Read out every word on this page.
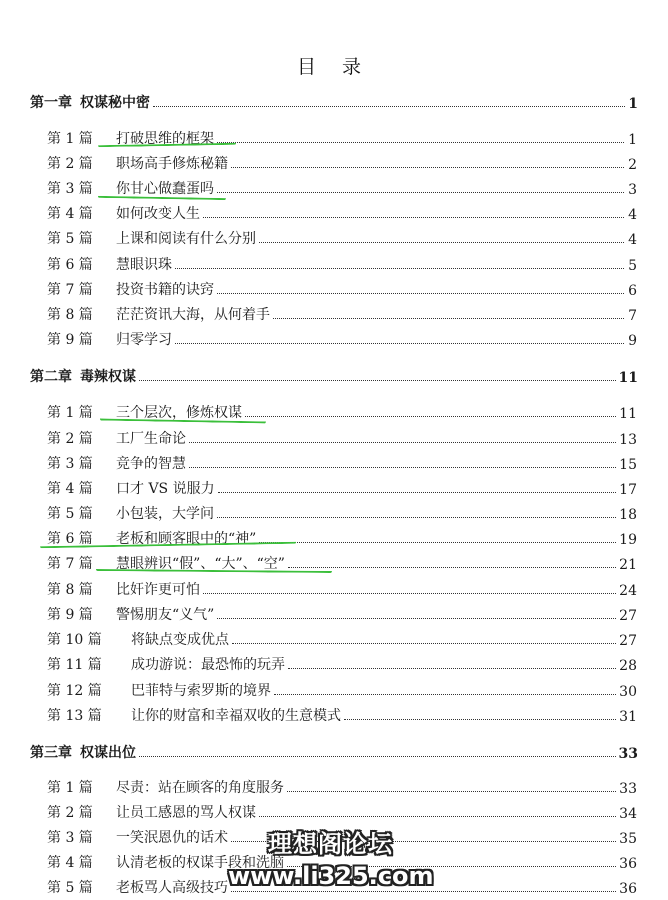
目 录
第一章 权谋秘中密	1
第 1 篇	打破思维的框架	1
第 2 篇	职场高手修炼秘籍	2
第 3 篇	你甘心做蠢蛋吗	3
第 4 篇	如何改变人生	4
第 5 篇	上课和阅读有什么分别	4
第 6 篇	慧眼识珠	5
第 7 篇	投资书籍的诀窍	6
第 8 篇	茫茫资讯大海，从何着手	7
第 9 篇	归零学习	9
第二章 毒辣权谋	11
第 1 篇	三个层次，修炼权谋	11
第 2 篇	工厂生命论	13
第 3 篇	竞争的智慧	15
第 4 篇	口才 VS 说服力	17
第 5 篇	小包装，大学问	18
第 6 篇	老板和顾客眼中的“神”	19
第 7 篇	慧眼辨识“假”、“大”、“空”	21
第 8 篇	比奸诈更可怕	24
第 9 篇	警惕朋友“义气”	27
第 10 篇	将缺点变成优点	27
第 11 篇	成功游说：最恐怖的玩弄	28
第 12 篇	巴菲特与索罗斯的境界	30
第 13 篇	让你的财富和幸福双收的生意模式	31
第三章 权谋出位	33
第 1 篇	尽责：站在顾客的角度服务	33
第 2 篇	让员工感恩的骂人权谋	34
第 3 篇	一笑泯恩仇的话术	35
第 4 篇	认清老板的权谋手段和洗脑	36
第 5 篇	老板骂人高级技巧	36
理想阁论坛
www.li325.com
